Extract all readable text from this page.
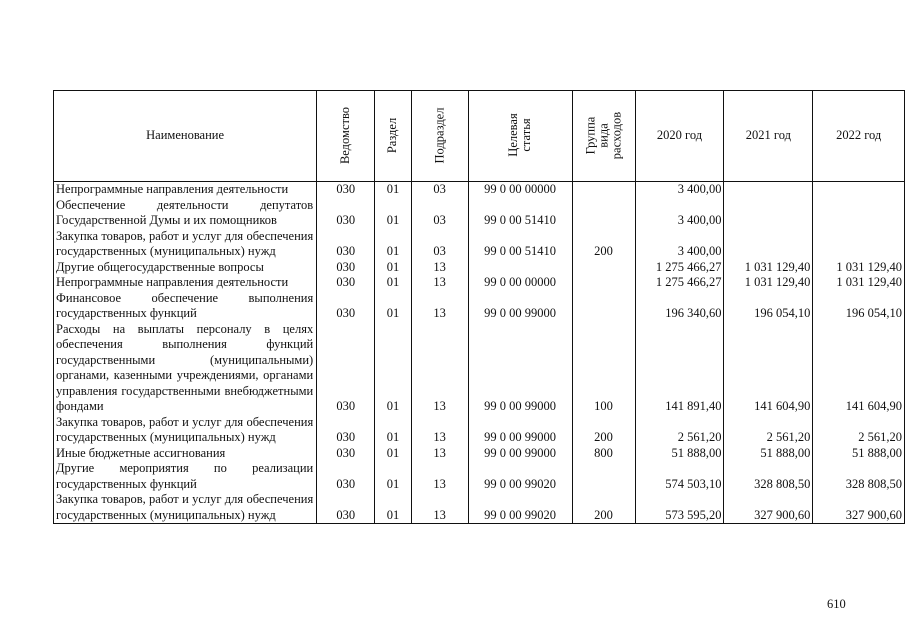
Наименование	Ведомство	Раздел	Подраздел	Целевая статья	Группа вида расходов	2020 год	2021 год	2022 год
Непрограммные направления деятельности	030	01	03	99 0 00 00000		3 400,00		
Обеспечение деятельности депутатов Государственной Думы и их помощников	030	01	03	99 0 00 51410		3 400,00		
Закупка товаров, работ и услуг для обеспечения государственных (муниципальных) нужд	030	01	03	99 0 00 51410	200	3 400,00		
Другие общегосударственные вопросы	030	01	13			1 275 466,27	1 031 129,40	1 031 129,40
Непрограммные направления деятельности	030	01	13	99 0 00 00000		1 275 466,27	1 031 129,40	1 031 129,40
Финансовое обеспечение выполнения государственных функций	030	01	13	99 0 00 99000		196 340,60	196 054,10	196 054,10
Расходы на выплаты персоналу в целях обеспечения выполнения функций государственными (муниципальными) органами, казенными учреждениями, органами управления государственными внебюджетными фондами	030	01	13	99 0 00 99000	100	141 891,40	141 604,90	141 604,90
Закупка товаров, работ и услуг для обеспечения государственных (муниципальных) нужд	030	01	13	99 0 00 99000	200	2 561,20	2 561,20	2 561,20
Иные бюджетные ассигнования	030	01	13	99 0 00 99000	800	51 888,00	51 888,00	51 888,00
Другие мероприятия по реализации государственных функций	030	01	13	99 0 00 99020		574 503,10	328 808,50	328 808,50
Закупка товаров, работ и услуг для обеспечения государственных (муниципальных) нужд	030	01	13	99 0 00 99020	200	573 595,20	327 900,60	327 900,60
610
